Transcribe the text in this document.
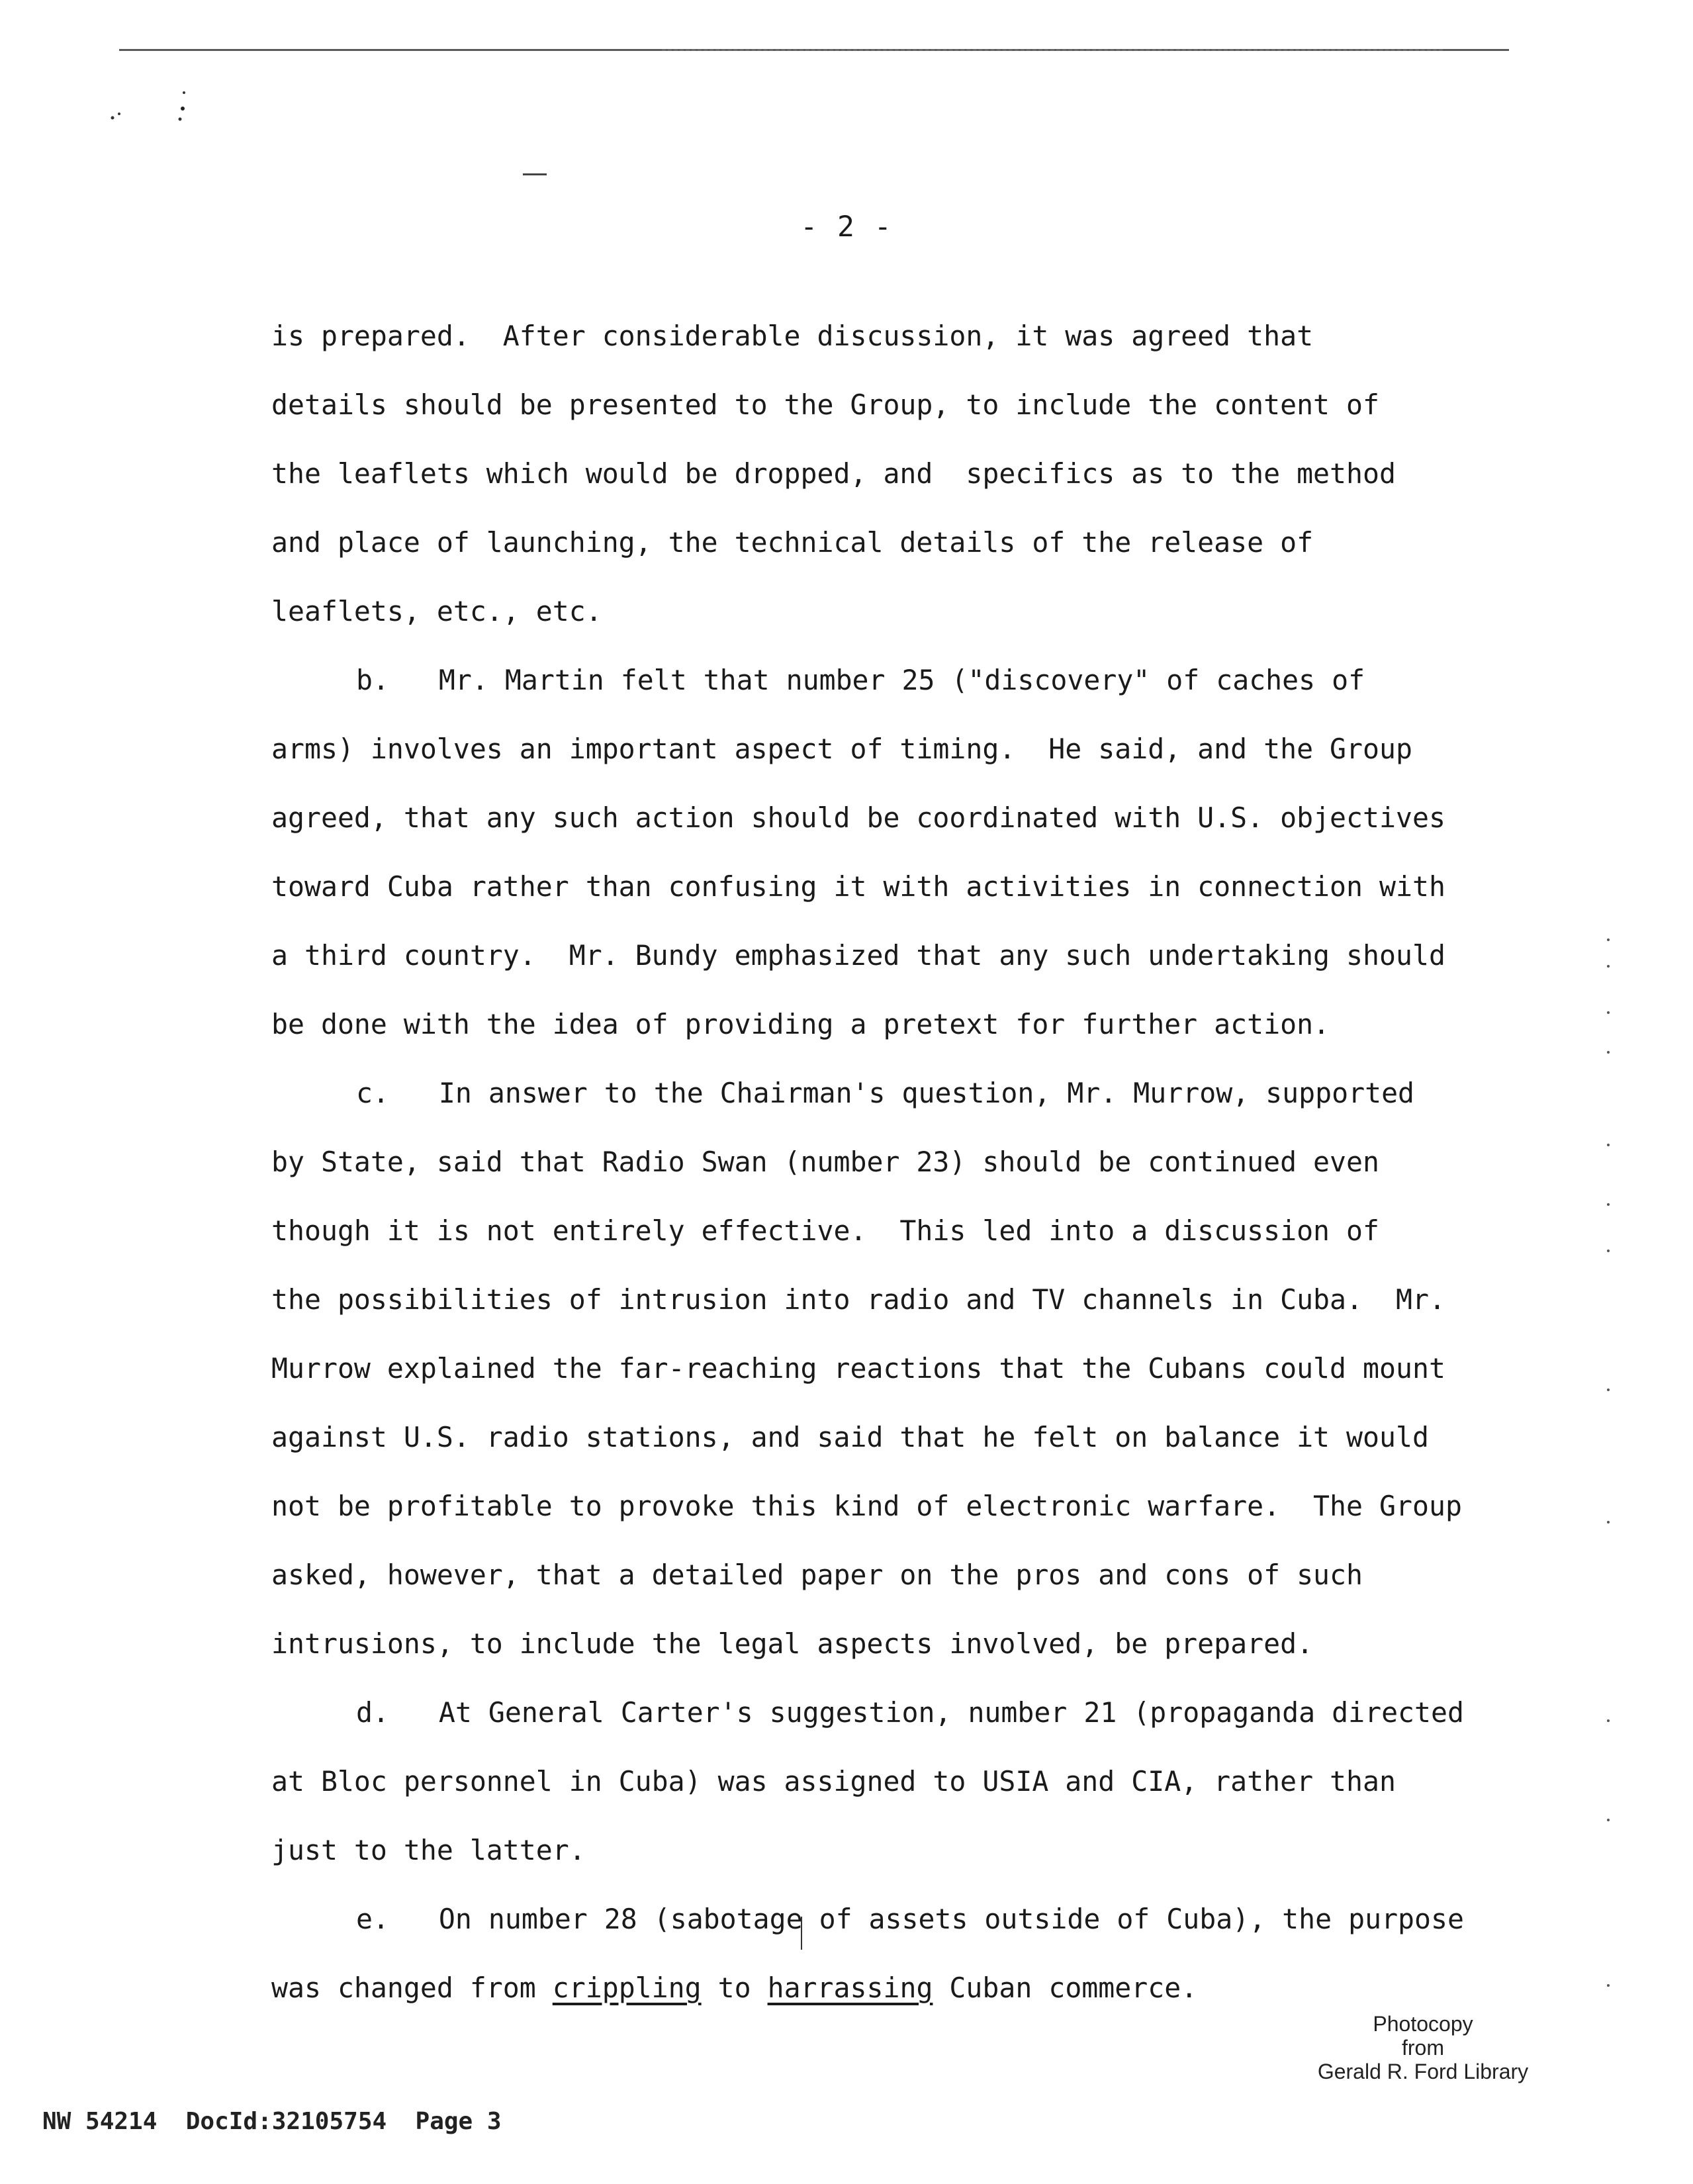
- 2 -
is prepared.  After considerable discussion, it was agreed that
details should be presented to the Group, to include the content of
the leaflets which would be dropped, and  specifics as to the method
and place of launching, the technical details of the release of
leaflets, etc., etc.
b.   Mr. Martin felt that number 25 ("discovery" of caches of
arms) involves an important aspect of timing.  He said, and the Group
agreed, that any such action should be coordinated with U.S. objectives
toward Cuba rather than confusing it with activities in connection with
a third country.  Mr. Bundy emphasized that any such undertaking should
be done with the idea of providing a pretext for further action.
c.   In answer to the Chairman's question, Mr. Murrow, supported
by State, said that Radio Swan (number 23) should be continued even
though it is not entirely effective.  This led into a discussion of
the possibilities of intrusion into radio and TV channels in Cuba.  Mr.
Murrow explained the far-reaching reactions that the Cubans could mount
against U.S. radio stations, and said that he felt on balance it would
not be profitable to provoke this kind of electronic warfare.  The Group
asked, however, that a detailed paper on the pros and cons of such
intrusions, to include the legal aspects involved, be prepared.
d.   At General Carter's suggestion, number 21 (propaganda directed
at Bloc personnel in Cuba) was assigned to USIA and CIA, rather than
just to the latter.
e.   On number 28 (sabotage of assets outside of Cuba), the purpose
was changed from crippling to harrassing Cuban commerce.
Photocopy
from
Gerald R. Ford Library
NW 54214  DocId:32105754  Page 3
